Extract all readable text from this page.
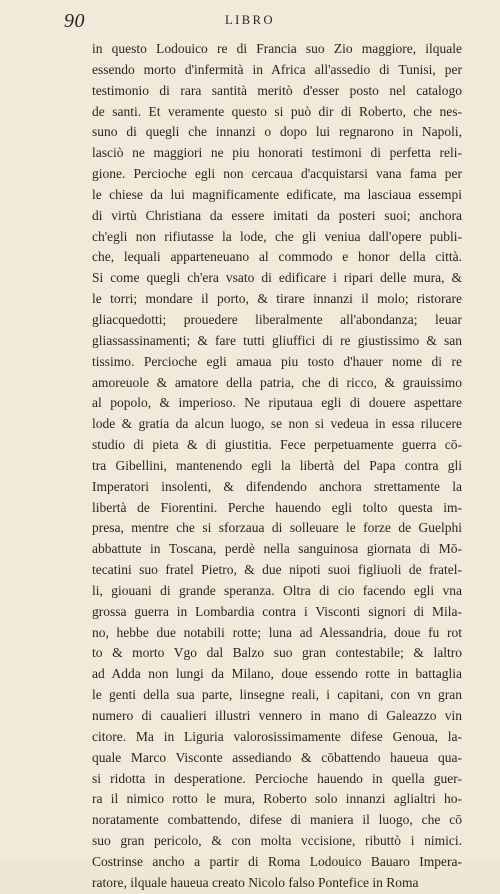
90	LIBRO
in questo Lodouico re di Francia suo Zio maggiore, ilquale
essendo morto d'infermità in Africa all'assedio di Tunisi, per
testimonio di rara santità meritò d'esser posto nel catalogo
de santi. Et veramente questo si può dir di Roberto, che nes-
suno di quegli che innanzi o dopo lui regnarono in Napoli,
lasciò ne maggiori ne piu honorati testimoni di perfetta reli-
gione. Percioche egli non cercaua d'acquistarsi vana fama per
le chiese da lui magnificamente edificate, ma lasciaua essempi
di virtù Christiana da essere imitati da posteri suoi; anchora
ch'egli non rifiutasse la lode, che gli veniua dall'opere publi-
che, lequali apparteneuano al commodo e honor della città.
Si come quegli ch'era vsato di edificare i ripari delle mura, &
le torri; mondare il porto, & tirare innanzi il molo; ristorare
gliacquedotti; prouedere liberalmente all'abondanza; leuar
gliassassinamenti; & fare tutti gliuffici di re giustissimo & san
tissimo. Percioche egli amaua piu tosto d'hauer nome di re
amoreuole & amatore della patria, che di ricco, & grauissimo
al popolo, & imperioso. Ne riputaua egli di douere aspettare
lode & gratia da alcun luogo, se non si vedeua in essa rilucere
studio di pieta & di giustitia. Fece perpetuamente guerra cō-
tra Gibellini, mantenendo egli la libertà del Papa contra gli
Imperatori insolenti, & difendendo anchora strettamente la
libertà de Fiorentini. Perche hauendo egli tolto questa im-
presa, mentre che si sforzaua di solleuare le forze de Guelphi
abbattute in Toscana, perdè nella sanguinosa giornata di Mō-
tecatini suo fratel Pietro, & due nipoti suoi figliuoli de fratel-
li, giouani di grande speranza. Oltra di cio facendo egli vna
grossa guerra in Lombardia contra i Visconti signori di Mila-
no, hebbe due notabili rotte; luna ad Alessandria, doue fu rot
to & morto Vgo dal Balzo suo gran contestabile; & laltro
ad Adda non lungi da Milano, doue essendo rotte in battaglia
le genti della sua parte, linsegne reali, i capitani, con vn gran
numero di caualieri illustri vennero in mano di Galeazzo vin
citore. Ma in Liguria valorosissimamente difese Genoua, la-
quale Marco Visconte assediando & cōbattendo haueua qua-
si ridotta in desperatione. Percioche hauendo in quella guer-
ra il nimico rotto le mura, Roberto solo innanzi aglialtri ho-
noratamente combattendo, difese di maniera il luogo, che cō
suo gran pericolo, & con molta vccisione, ributtò i nimici.
Costrinse ancho a partir di Roma Lodouico Bauaro Impera-
ratore, ilquale haueua creato Nicolo falso Pontefice in Roma
